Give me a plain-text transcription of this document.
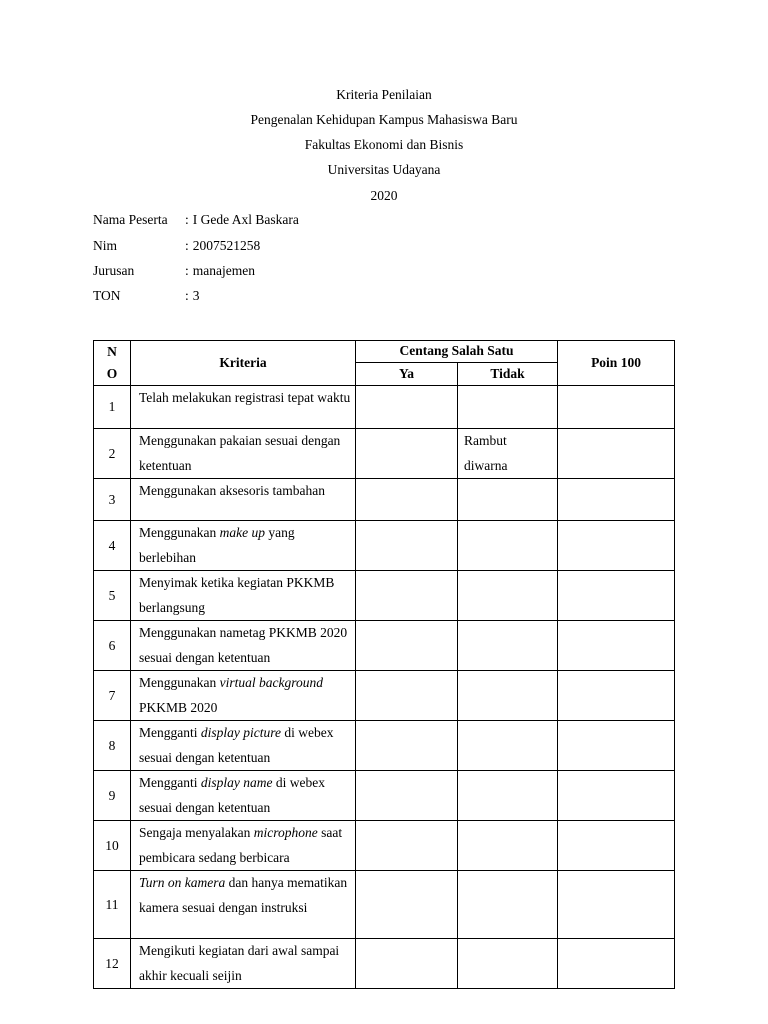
Kriteria Penilaian
Pengenalan Kehidupan Kampus Mahasiswa Baru
Fakultas Ekonomi dan Bisnis
Universitas Udayana
2020
Nama Peserta : I Gede Axl Baskara
Nim	: 2007521258
Jurusan	: manajemen
TON	: 3
N
O	Kriteria	Centang Salah Satu		Poin 100
		Ya	Tidak	
1	Telah melakukan registrasi tepat waktu			
2	Menggunakan pakaian sesuai dengan ketentuan		Rambut diwarna	
3	Menggunakan aksesoris tambahan			
4	Menggunakan make up yang berlebihan			
5	Menyimak ketika kegiatan PKKMB berlangsung			
6	Menggunakan nametag PKKMB 2020 sesuai dengan ketentuan			
7	Menggunakan virtual background PKKMB 2020			
8	Mengganti display picture di webex sesuai dengan ketentuan			
9	Mengganti display name di webex sesuai dengan ketentuan			
10	Sengaja menyalakan microphone saat pembicara sedang berbicara			
11	Turn on kamera dan hanya mematikan kamera sesuai dengan instruksi			
12	Mengikuti kegiatan dari awal sampai akhir kecuali seijin			
